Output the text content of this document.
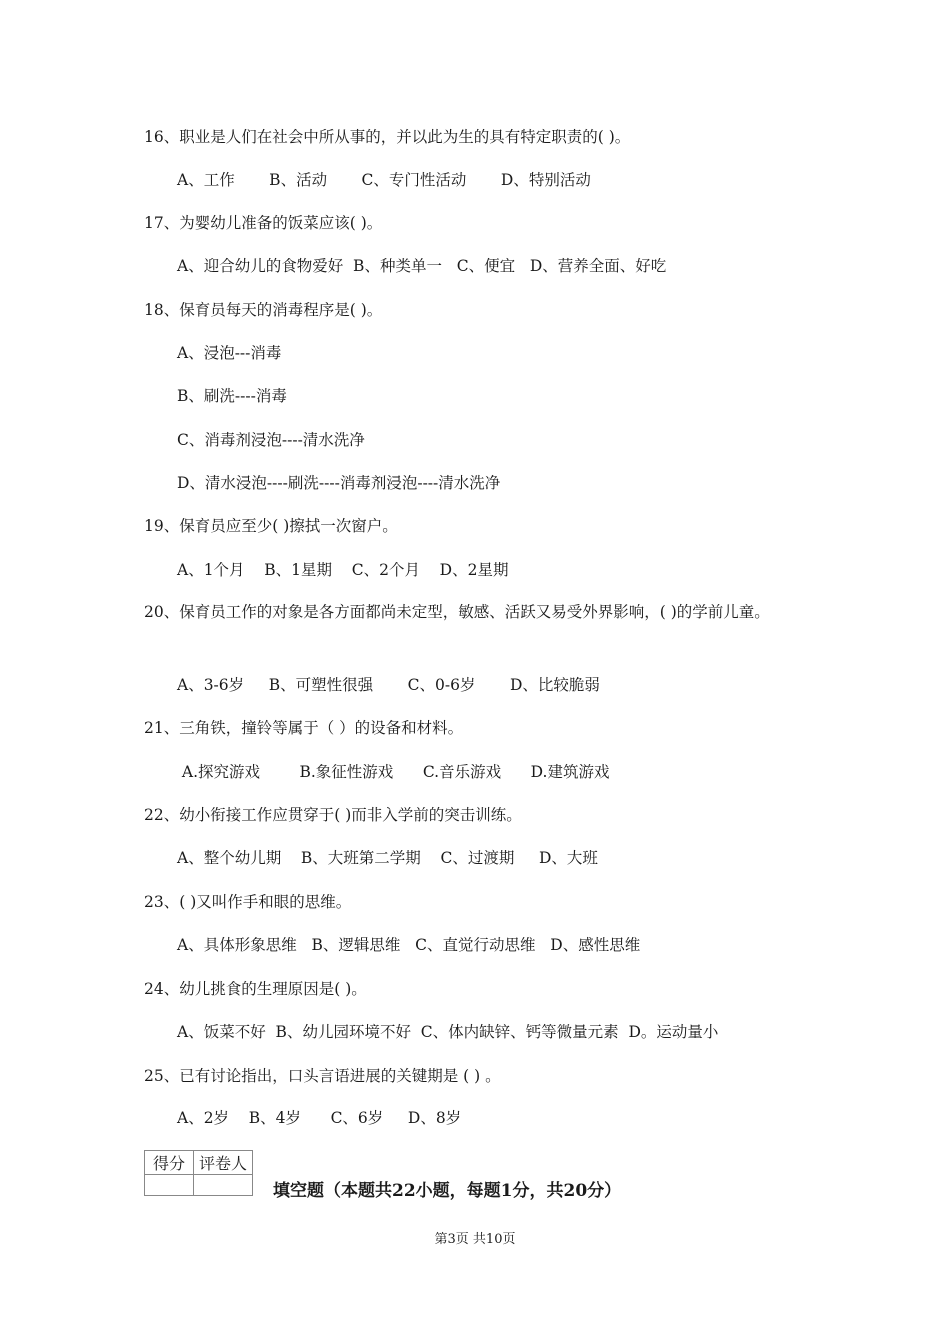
16、职业是人们在社会中所从事的，并以此为生的具有特定职责的( )。
A、工作       B、活动       C、专门性活动       D、特别活动
17、为婴幼儿准备的饭菜应该( )。
A、迎合幼儿的食物爱好  B、种类单一   C、便宜   D、营养全面、好吃
18、保育员每天的消毒程序是( )。
A、浸泡---消毒
B、刷洗----消毒
C、消毒剂浸泡----清水洗净
D、清水浸泡----刷洗----消毒剂浸泡----清水洗净
19、保育员应至少( )擦拭一次窗户。
A、1个月    B、1星期    C、2个月    D、2星期
20、保育员工作的对象是各方面都尚未定型，敏感、活跃又易受外界影响，( )的学前儿童。
A、3-6岁     B、可塑性很强       C、0-6岁       D、比较脆弱
21、三角铁，撞铃等属于（ ）的设备和材料。
A.探究游戏        B.象征性游戏      C.音乐游戏      D.建筑游戏
22、幼小衔接工作应贯穿于( )而非入学前的突击训练。
A、整个幼儿期    B、大班第二学期    C、过渡期     D、大班
23、( )又叫作手和眼的思维。
A、具体形象思维   B、逻辑思维   C、直觉行动思维   D、感性思维
24、幼儿挑食的生理原因是( )。
A、饭菜不好  B、幼儿园环境不好  C、体内缺锌、钙等微量元素  D。运动量小
25、已有讨论指出，口头言语进展的关键期是 ( ) 。
A、2岁    B、4岁      C、6岁     D、8岁
得分	评卷人

填空题（本题共22小题，每题1分，共20分）
第3页 共10页
